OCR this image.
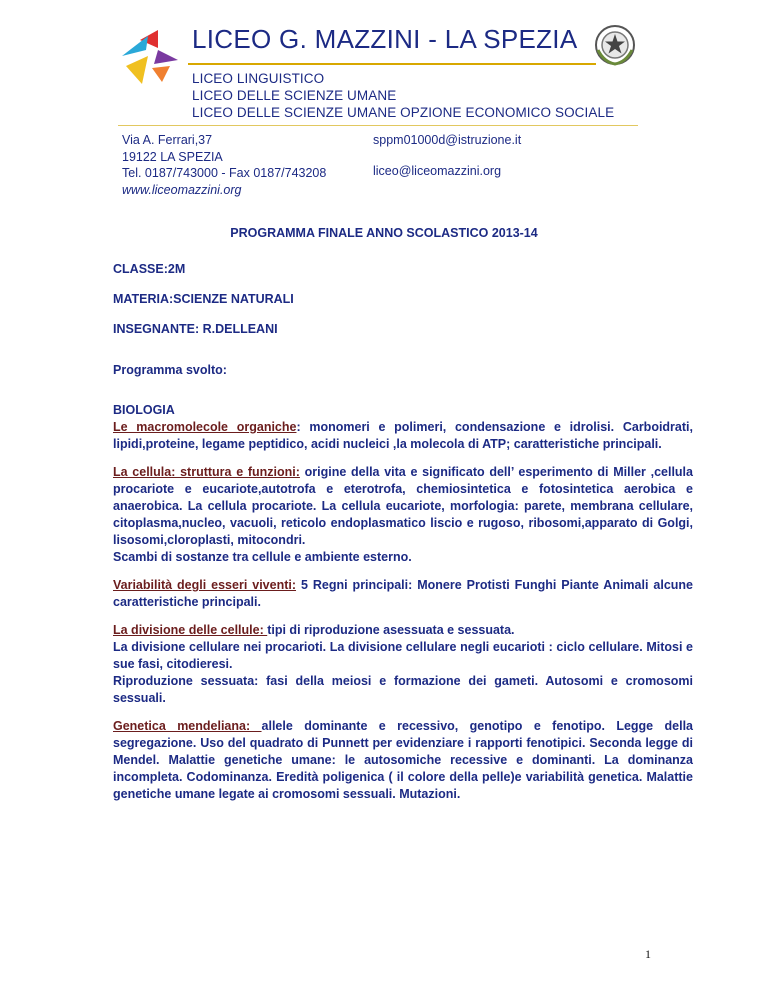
LICEO G. MAZZINI - LA SPEZIA
LICEO LINGUISTICO
LICEO DELLE SCIENZE UMANE
LICEO DELLE SCIENZE UMANE OPZIONE ECONOMICO SOCIALE
Via A. Ferrari,37
19122 LA SPEZIA
Tel. 0187/743000 - Fax 0187/743208
sppm01000d@istruzione.it
liceo@liceomazzini.org
www.liceomazzini.org
PROGRAMMA FINALE ANNO SCOLASTICO 2013-14
CLASSE:2M
MATERIA:SCIENZE NATURALI
INSEGNANTE: R.DELLEANI
Programma svolto:

BIOLOGIA
Le macromolecole organiche: monomeri e polimeri, condensazione e idrolisi. Carboidrati, lipidi,proteine, legame peptidico, acidi nucleici ,la molecola di ATP; caratteristiche principali.

La cellula: struttura e funzioni: origine della vita e significato dell’ esperimento di Miller ,cellula procariote e eucariote,autotrofa e eterotrofa, chemiosintetica e fotosintetica aerobica e anaerobica. La cellula procariote. La cellula eucariote, morfologia: parete, membrana cellulare, citoplasma,nucleo, vacuoli, reticolo endoplasmatico liscio e rugoso, ribosomi,apparato di Golgi, lisosomi,cloroplasti, mitocondri.
Scambi di sostanze tra cellule e ambiente esterno.

Variabilità degli esseri viventi: 5 Regni principali: Monere Protisti Funghi Piante Animali alcune caratteristiche principali.

La divisione delle cellule: tipi di riproduzione asessuata e sessuata.
La divisione cellulare nei procarioti. La divisione cellulare negli eucarioti : ciclo cellulare. Mitosi e sue fasi, citodieresi.
Riproduzione sessuata: fasi della meiosi e formazione dei gameti. Autosomi e cromosomi sessuali.

Genetica mendeliana: allele dominante e recessivo, genotipo e fenotipo. Legge della segregazione. Uso del quadrato di Punnett per evidenziare i rapporti fenotipici. Seconda legge di Mendel. Malattie genetiche umane: le autosomiche recessive e dominanti. La dominanza incompleta. Codominanza. Eredità poligenica ( il colore della pelle)e variabilità genetica. Malattie genetiche umane legate ai cromosomi sessuali. Mutazioni.

1
